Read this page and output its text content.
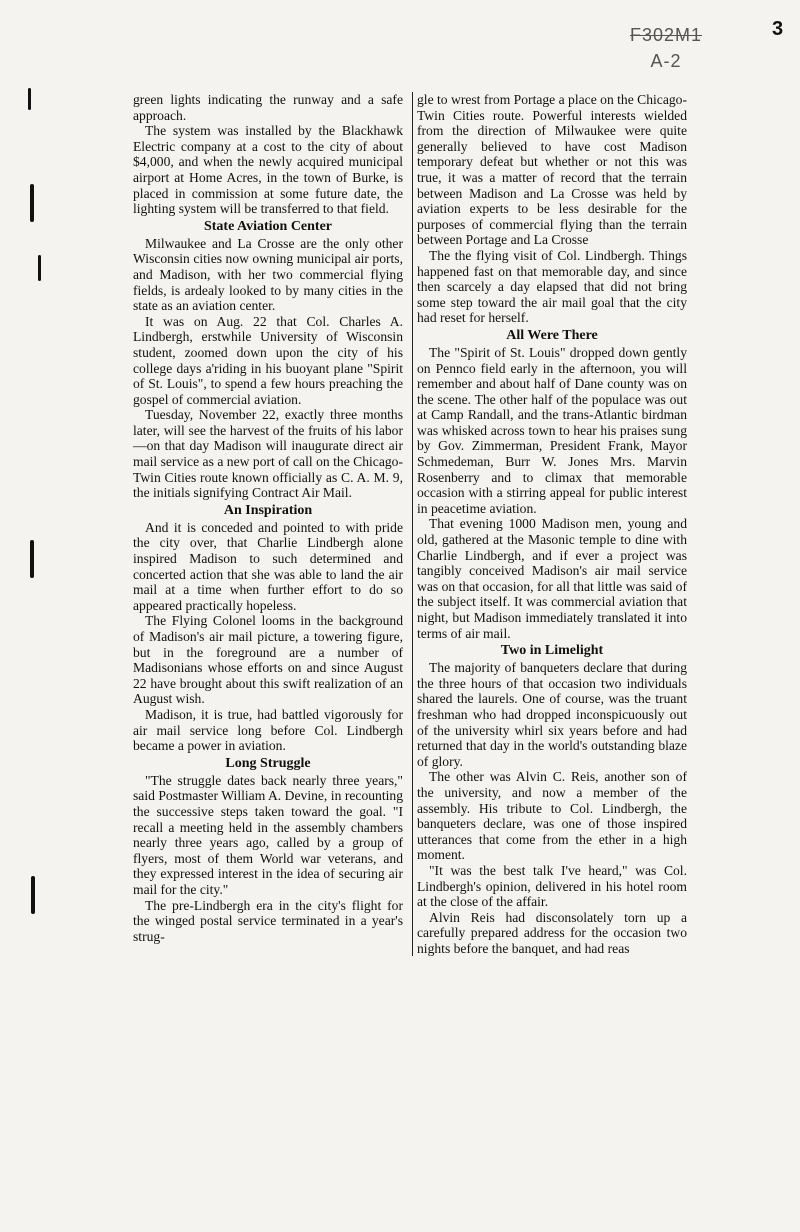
3
F302M1
A-2

green lights indicating the runway and a safe approach.

The system was installed by the Blackhawk Electric company at a cost to the city of about $4,000, and when the newly acquired municipal airport at Home Acres, in the town of Burke, is placed in commission at some future date, the lighting system will be transferred to that field.

State Aviation Center

Milwaukee and La Crosse are the only other Wisconsin cities now owning municipal air ports, and Madison, with her two commercial flying fields, is ardealy looked to by many cities in the state as an aviation center.

It was on Aug. 22 that Col. Charles A. Lindbergh, erstwhile University of Wisconsin student, zoomed down upon the city of his college days a'riding in his buoyant plane "Spirit of St. Louis", to spend a few hours preaching the gospel of commercial aviation.

Tuesday, November 22, exactly three months later, will see the harvest of the fruits of his labor—on that day Madison will inaugurate direct air mail service as a new port of call on the Chicago-Twin Cities route known officially as C. A. M. 9, the initials signifying Contract Air Mail.

An Inspiration

And it is conceded and pointed to with pride the city over, that Charlie Lindbergh alone inspired Madison to such determined and concerted action that she was able to land the air mail at a time when further effort to do so appeared practically hopeless.

The Flying Colonel looms in the background of Madison's air mail picture, a towering figure, but in the foreground are a number of Madisonians whose efforts on and since August 22 have brought about this swift realization of an August wish.

Madison, it is true, had battled vigorously for air mail service long before Col. Lindbergh became a power in aviation.

Long Struggle

"The struggle dates back nearly three years," said Postmaster William A. Devine, in recounting the successive steps taken toward the goal. "I recall a meeting held in the assembly chambers nearly three years ago, called by a group of flyers, most of them World war veterans, and they expressed interest in the idea of securing air mail for the city."

The pre-Lindbergh era in the city's flight for the winged postal service terminated in a year's strug-

gle to wrest from Portage a place on the Chicago-Twin Cities route. Powerful interests wielded from the direction of Milwaukee were quite generally believed to have cost Madison temporary defeat but whether or not this was true, it was a matter of record that the terrain between Madison and La Crosse was held by aviation experts to be less desirable for the purposes of commercial flying than the terrain between Portage and La Crosse

The the flying visit of Col. Lindbergh. Things happened fast on that memorable day, and since then scarcely a day elapsed that did not bring some step toward the air mail goal that the city had reset for herself.

All Were There

The "Spirit of St. Louis" dropped down gently on Pennco field early in the afternoon, you will remember and about half of Dane county was on the scene. The other half of the populace was out at Camp Randall, and the trans-Atlantic birdman was whisked across town to hear his praises sung by Gov. Zimmerman, President Frank, Mayor Schmedeman, Burr W. Jones Mrs. Marvin Rosenberry and to climax that memorable occasion with a stirring appeal for public interest in peacetime aviation.

That evening 1000 Madison men, young and old, gathered at the Masonic temple to dine with Charlie Lindbergh, and if ever a project was tangibly conceived Madison's air mail service was on that occasion, for all that little was said of the subject itself. It was commercial aviation that night, but Madison immediately translated it into terms of air mail.

Two in Limelight

The majority of banqueters declare that during the three hours of that occasion two individuals shared the laurels. One of course, was the truant freshman who had dropped inconspicuously out of the university whirl six years before and had returned that day in the world's outstanding blaze of glory.

The other was Alvin C. Reis, another son of the university, and now a member of the assembly. His tribute to Col. Lindbergh, the banqueters declare, was one of those inspired utterances that come from the ether in a high moment.

"It was the best talk I've heard," was Col. Lindbergh's opinion, delivered in his hotel room at the close of the affair.

Alvin Reis had disconsolately torn up a carefully prepared address for the occasion two nights before the banquet, and had reas
